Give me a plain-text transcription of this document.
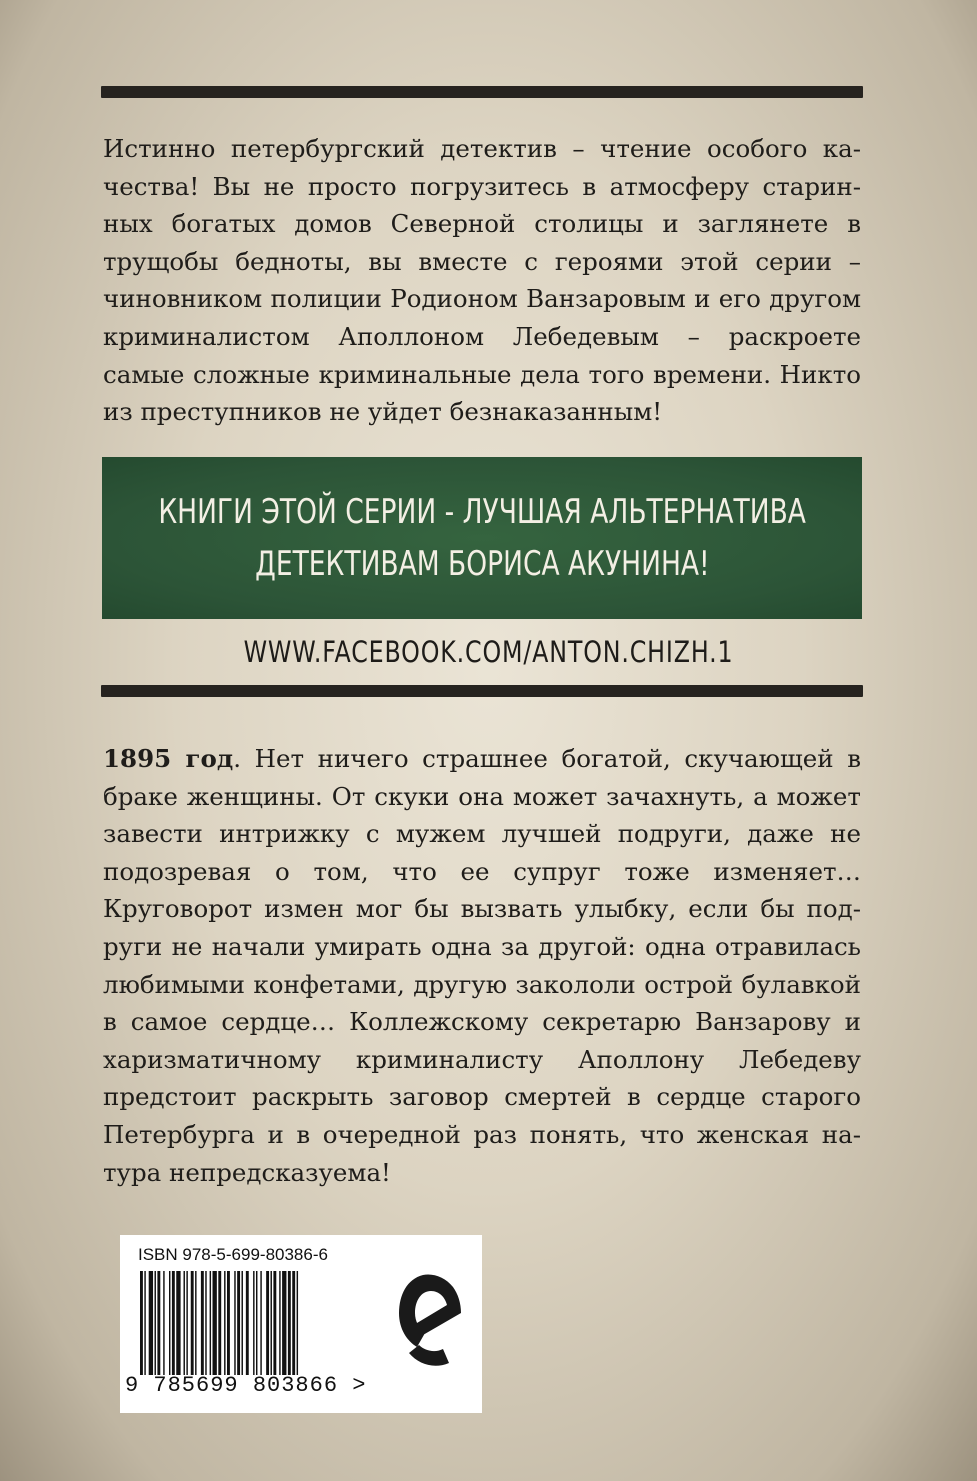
Истинно петербургский детектив – чтение особого качества! Вы не просто погрузитесь в атмосферу старинных богатых домов Северной столицы и заглянете в трущобы бедноты, вы вместе с героями этой серии – чиновником полиции Родионом Ванзаровым и его другом криминалистом Аполлоном Лебедевым – раскроете самые сложные криминальные дела того времени. Никто из преступников не уйдет безнаказанным!

КНИГИ ЭТОЙ СЕРИИ - ЛУЧШАЯ АЛЬТЕРНАТИВА
ДЕТЕКТИВАМ БОРИСА АКУНИНА!
WWW.FACEBOOK.COM/ANTON.CHIZH.1

1895 год. Нет ничего страшнее богатой, скучающей в браке женщины. От скуки она может зачахнуть, а может завести интрижку с мужем лучшей подруги, даже не подозревая о том, что ее супруг тоже изменяет… Круговорот измен мог бы вызвать улыбку, если бы подруги не начали умирать одна за другой: одна отравилась любимыми конфетами, другую закололи острой булавкой в самое сердце… Коллежскому секретарю Ванзарову и харизматичному криминалисту Аполлону Лебедеву предстоит раскрыть заговор смертей в сердце старого Петербурга и в очередной раз понять, что женская натура непредсказуема!

ISBN 978-5-699-80386-6
9 785699 803866 >
